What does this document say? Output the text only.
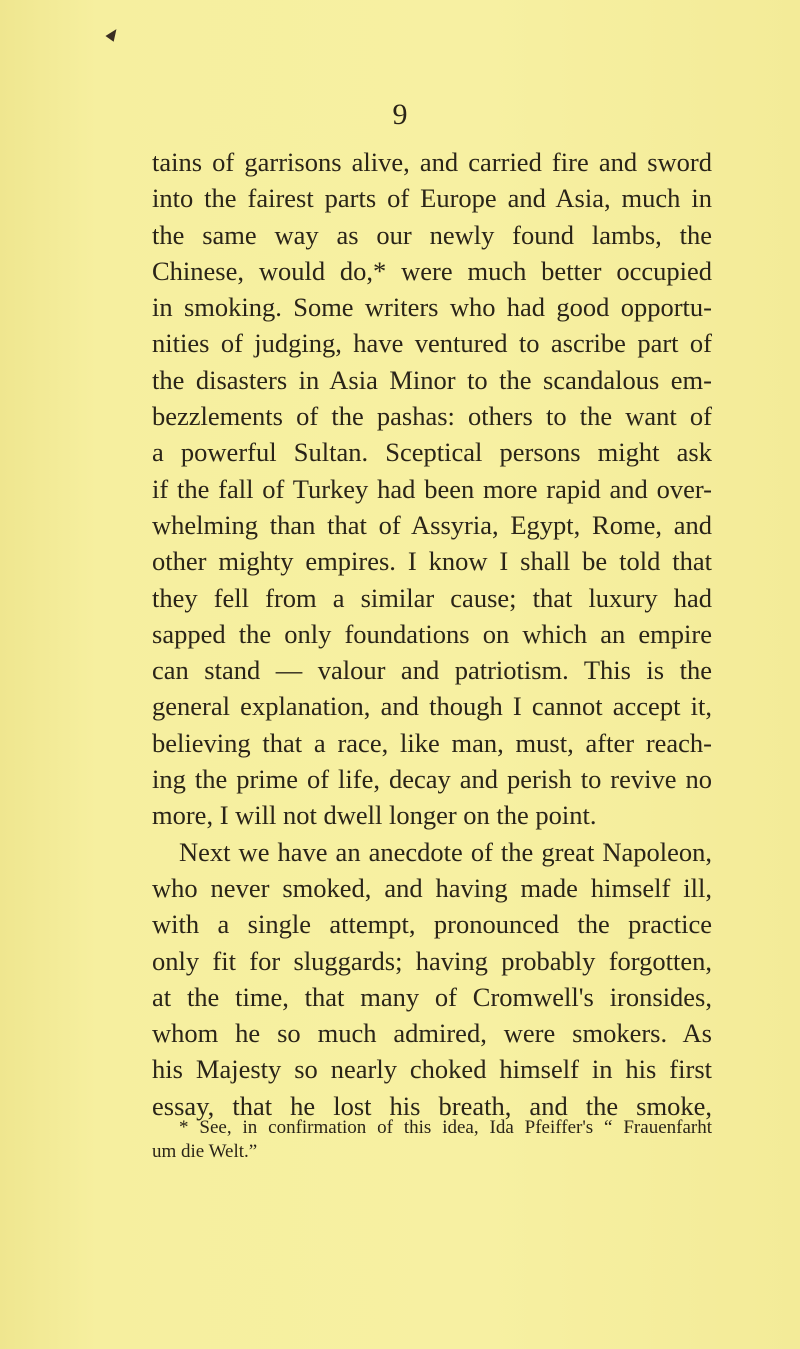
9
tains of garrisons alive, and carried fire and sword
into the fairest parts of Europe and Asia, much in
the same way as our newly found lambs, the
Chinese, would do,* were much better occupied
in smoking. Some writers who had good opportu-
nities of judging, have ventured to ascribe part of
the disasters in Asia Minor to the scandalous em-
bezzlements of the pashas: others to the want of
a powerful Sultan. Sceptical persons might ask
if the fall of Turkey had been more rapid and over-
whelming than that of Assyria, Egypt, Rome, and
other mighty empires. I know I shall be told that
they fell from a similar cause; that luxury had
sapped the only foundations on which an empire
can stand — valour and patriotism. This is the
general explanation, and though I cannot accept it,
believing that a race, like man, must, after reach-
ing the prime of life, decay and perish to revive no
more, I will not dwell longer on the point.
Next we have an anecdote of the great Napoleon,
who never smoked, and having made himself ill,
with a single attempt, pronounced the practice
only fit for sluggards; having probably forgotten,
at the time, that many of Cromwell's ironsides,
whom he so much admired, were smokers. As
his Majesty so nearly choked himself in his first
essay, that he lost his breath, and the smoke,
* See, in confirmation of this idea, Ida Pfeiffer's “ Frauenfarht
um die Welt.”
